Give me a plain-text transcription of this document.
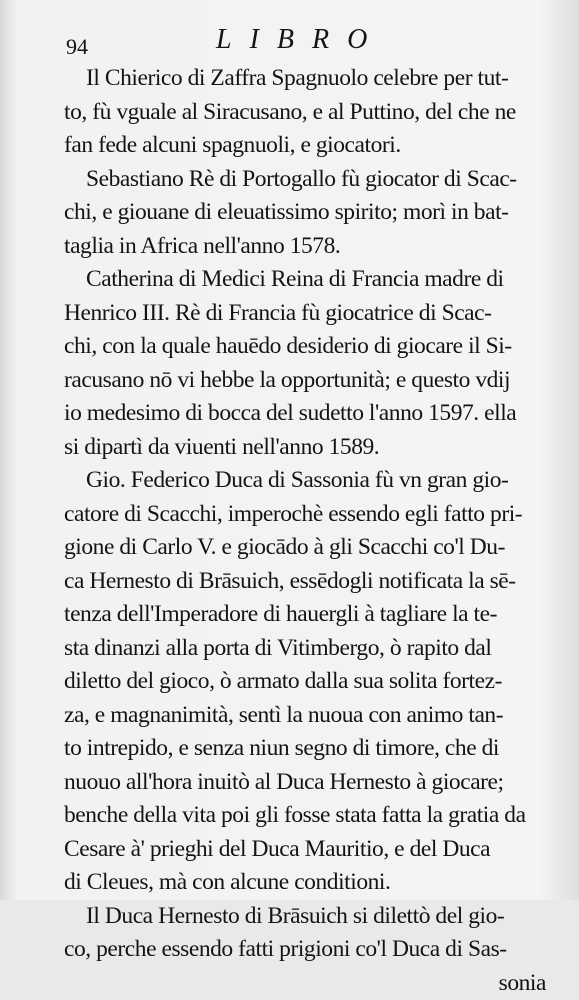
94	LIBRO
Il Chierico di Zaffra Spagnuolo celebre per tut-
to, fù vguale al Siracusano, e al Puttino, del che ne
fan fede alcuni spagnuoli, e giocatori.
Sebastiano Rè di Portogallo fù giocator di Scac-
chi, e giouane di eleuatissimo spirito; morì in bat-
taglia in Africa nell'anno 1578.
Catherina di Medici Reina di Francia madre di
Henrico III. Rè di Francia fù giocatrice di Scac-
chi, con la quale hauēdo desiderio di giocare il Si-
racusano nō vi hebbe la opportunità; e questo vdij
io medesimo di bocca del sudetto l'anno 1597. ella
si dipartì da viuenti nell'anno 1589.
Gio. Federico Duca di Sassonia fù vn gran gio-
catore di Scacchi, imperochè essendo egli fatto pri-
gione di Carlo V. e giocādo à gli Scacchi co'l Du-
ca Hernesto di Brāsuich, essēdogli notificata la sē-
tenza dell'Imperadore di hauergli à tagliare la te-
sta dinanzi alla porta di Vitimbergo, ò rapito dal
diletto del gioco, ò armato dalla sua solita fortez-
za, e magnanimità, sentì la nuoua con animo tan-
to intrepido, e senza niun segno di timore, che di
nuouo all'hora inuitò al Duca Hernesto à giocare;
benche della vita poi gli fosse stata fatta la gratia da
Cesare à' prieghi del Duca Mauritio, e del Duca
di Cleues, mà con alcune conditioni.
Il Duca Hernesto di Brāsuich si dilettò del gio-
co, perche essendo fatti prigioni co'l Duca di Sas-
sonia
